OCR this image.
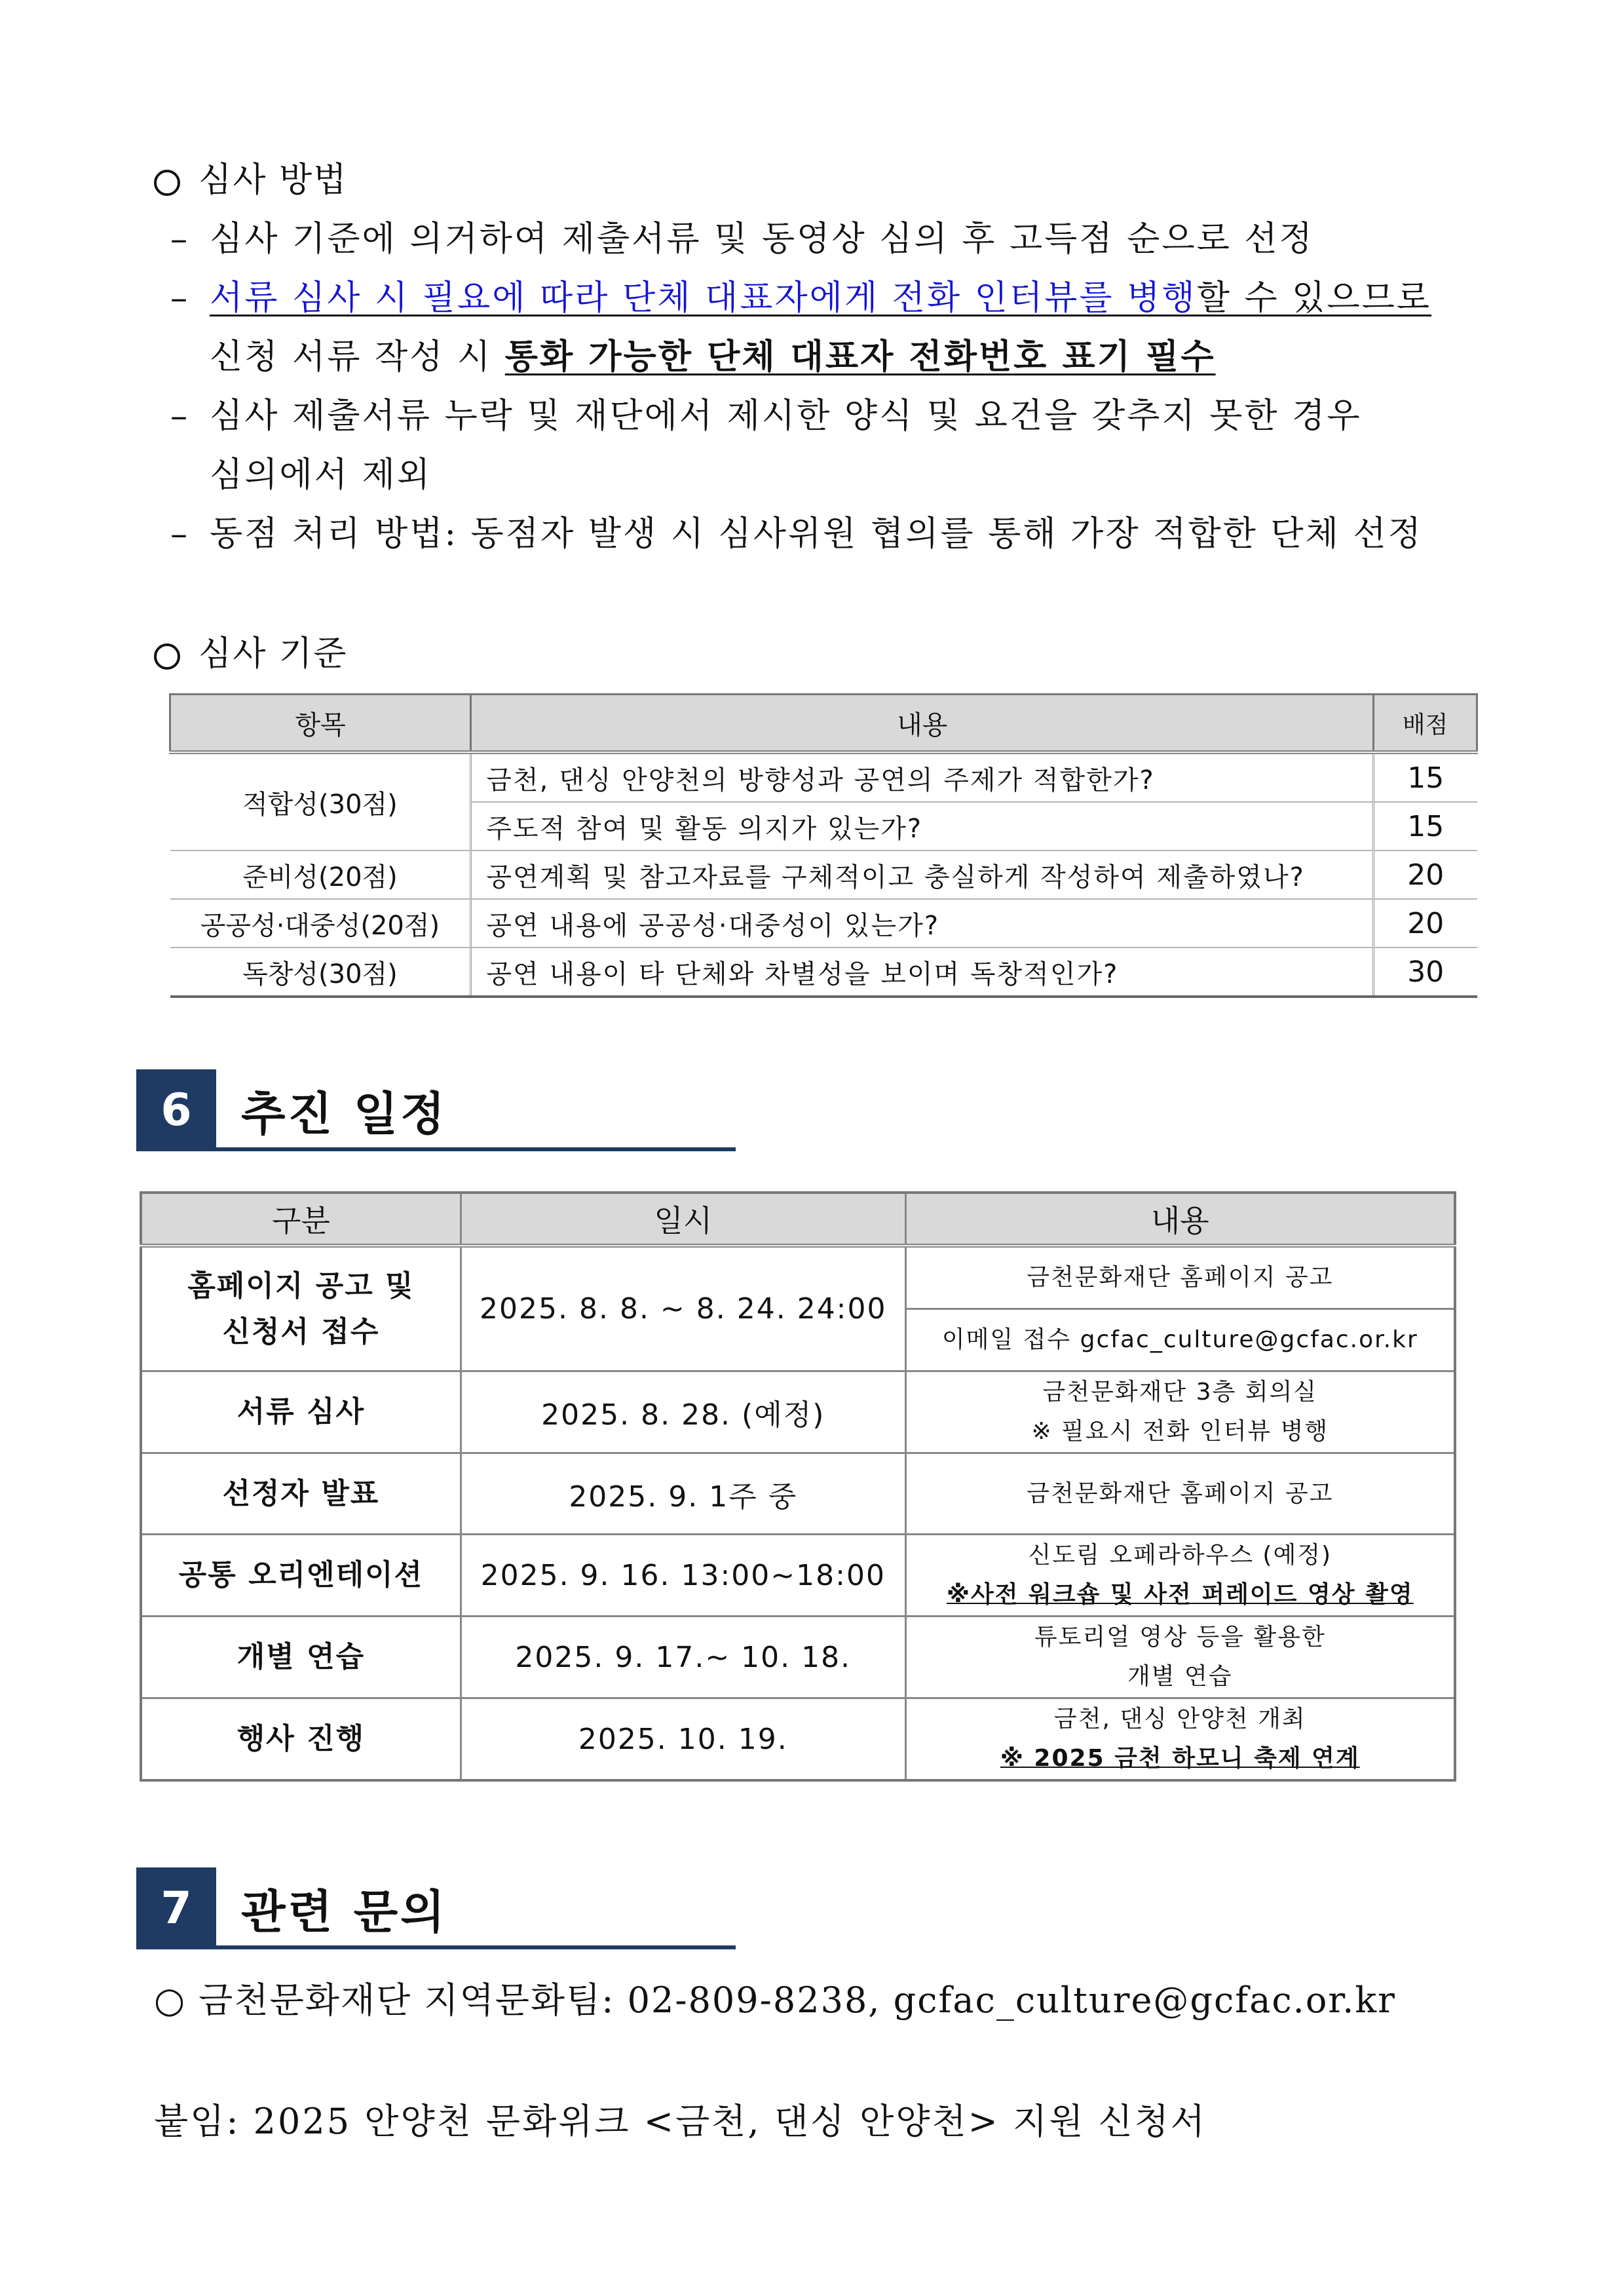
심사 방법
– 심사 기준에 의거하여 제출서류 및 동영상 심의 후 고득점 순으로 선정
– 서류 심사 시 필요에 따라 단체 대표자에게 전화 인터뷰를 병행할 수 있으므로
신청 서류 작성 시 통화 가능한 단체 대표자 전화번호 표기 필수
– 심사 제출서류 누락 및 재단에서 제시한 양식 및 요건을 갖추지 못한 경우
심의에서 제외
– 동점 처리 방법: 동점자 발생 시 심사위원 협의를 통해 가장 적합한 단체 선정
심사 기준
항목	내용	배점
적합성(30점)	금천, 댄싱 안양천의 방향성과 공연의 주제가 적합한가?	15
	주도적 참여 및 활동 의지가 있는가?	15
준비성(20점)	공연계획 및 참고자료를 구체적이고 충실하게 작성하여 제출하였나?	20
공공성·대중성(20점)	공연 내용에 공공성·대중성이 있는가?	20
독창성(30점)	공연 내용이 타 단체와 차별성을 보이며 독창적인가?	30
6	추진 일정
구분	일시	내용

홈페이지 공고 및
신청서 접수	2025. 8. 8. ~ 8. 24. 24:00	금천문화재단 홈페이지 공고
		이메일 접수 gcfac_culture@gcfac.or.kr
서류 심사	2025. 8. 28. (예정)	금천문화재단 3층 회의실
※ 필요시 전화 인터뷰 병행

선정자 발표	2025. 9. 1주 중	금천문화재단 홈페이지 공고
공통 오리엔테이션	2025. 9. 16. 13:00~18:00	신도림 오페라하우스 (예정)
※사전 워크숍 및 사전 퍼레이드 영상 촬영

개별 연습	2025. 9. 17.~ 10. 18.	튜토리얼 영상 등을 활용한
개별 연습

행사 진행	2025. 10. 19.	금천, 댄싱 안양천 개최
※ 2025 금천 하모니 축제 연계
7	관련 문의
○ 금천문화재단 지역문화팀: 02-809-8238, gcfac_culture@gcfac.or.kr
붙임: 2025 안양천 문화위크 <금천, 댄싱 안양천> 지원 신청서
